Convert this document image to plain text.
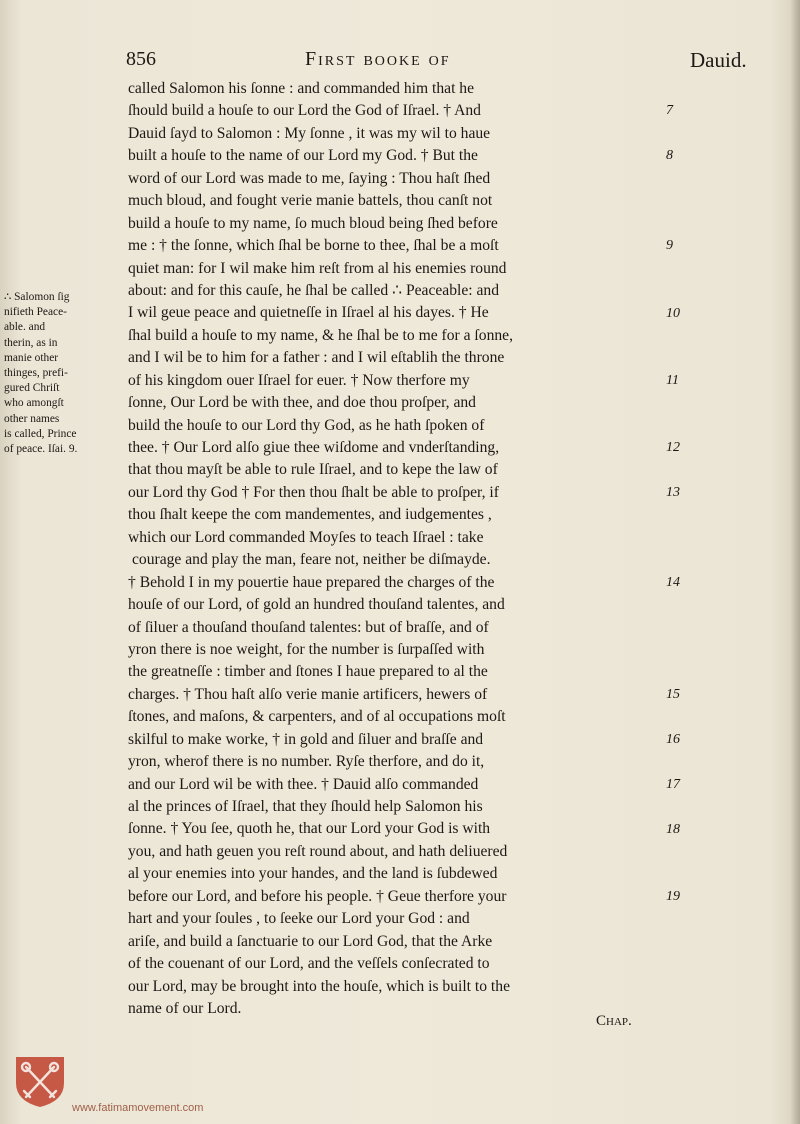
856	First booke of	Dauid.
∴ Salomon ſig
nifieth Peace-
able. and
therin, as in
manie other
thinges, prefi-
gured Chriſt
who amongſt
other names
is called, Prince
of peace. Iſai. 9.
called Salomon his ſonne : and commanded him that he
ſhould build a houſe to our Lord the God of Iſrael. † And
Dauid ſayd to Salomon : My ſonne , it was my wil to haue
built a houſe to the name of our Lord my God. † But the
word of our Lord was made to me, ſaying : Thou haſt ſhed
much bloud, and fought verie manie battels, thou canſt not
build a houſe to my name, ſo much bloud being ſhed before
me : † the ſonne, which ſhal be borne to thee, ſhal be a moſt
quiet man: for I wil make him reſt from al his enemies round
about: and for this cauſe, he ſhal be called ∴ Peaceable: and
I wil geue peace and quietneſſe in Iſrael al his dayes. † He
ſhal build a houſe to my name, & he ſhal be to me for a ſonne,
and I wil be to him for a father : and I wil eſtablih the throne
of his kingdom ouer Iſrael for euer. † Now therfore my
ſonne, Our Lord be with thee, and doe thou proſper, and
build the houſe to our Lord thy God, as he hath ſpoken of
thee. † Our Lord alſo giue thee wiſdome and vnderſtanding,
that thou mayſt be able to rule Iſrael, and to kepe the law of
our Lord thy God † For then thou ſhalt be able to proſper, if
thou ſhalt keepe the com mandementes, and iudgementes ,
which our Lord commanded Moyſes to teach Iſrael : take
courage and play the man, feare not, neither be diſmayde.
† Behold I in my pouertie haue prepared the charges of the
houſe of our Lord, of gold an hundred thouſand talentes, and
of ſiluer a thouſand thouſand talentes: but of braſſe, and of
yron there is noe weight, for the number is ſurpaſſed with
the greatneſſe : timber and ſtones I haue prepared to al the
charges. † Thou haſt alſo verie manie artificers, hewers of
ſtones, and maſons, & carpenters, and of al occupations moſt
skilful to make worke, † in gold and ſiluer and braſſe and
yron, wherof there is no number. Ryſe therfore, and do it,
and our Lord wil be with thee. † Dauid alſo commanded
al the princes of Iſrael, that they ſhould help Salomon his
ſonne. † You ſee, quoth he, that our Lord your God is with
you, and hath geuen you reſt round about, and hath deliuered
al your enemies into your handes, and the land is ſubdewed
before our Lord, and before his people. † Geue therfore your
hart and your ſoules , to ſeeke our Lord your God : and
ariſe, and build a ſanctuarie to our Lord God, that the Arke
of the couenant of our Lord, and the veſſels conſecrated to
our Lord, may be brought into the houſe, which is built to the
name of our Lord.
7
8
9
10
11
12
13
14
15
16
17
18
19
Chap.
www.fatimamovement.com
